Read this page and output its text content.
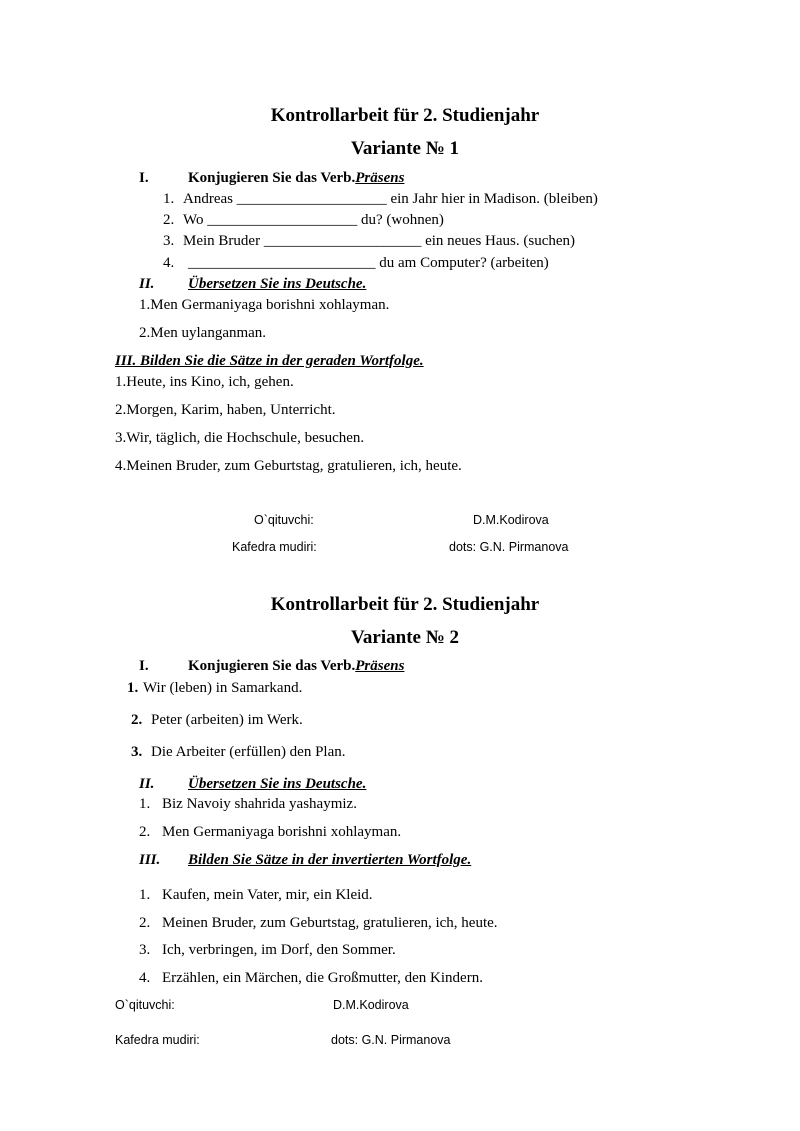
Kontrollarbeit für 2. Studienjahr
Variante № 1
I.	Konjugieren Sie das Verb.Präsens
1. Andreas ____________________ ein Jahr hier in Madison. (bleiben)
2. Wo ____________________ du? (wohnen)
3. Mein Bruder _____________________ ein neues Haus. (suchen)
4. _________________________ du am Computer? (arbeiten)
II. Übersetzen Sie ins Deutsche.
1.Men Germaniyaga borishni xohlayman.
2.Men uylanganman.
III. Bilden Sie die Sätze in der geraden Wortfolge.
1.Heute, ins Kino, ich, gehen.
2.Morgen, Karim, haben, Unterricht.
3.Wir, täglich, die Hochschule, besuchen.
4.Meinen Bruder, zum Geburtstag, gratulieren, ich, heute.
O`qituvchi:	D.M.Kodirova
Kafedra mudiri:	dots: G.N. Pirmanova
Kontrollarbeit für 2. Studienjahr
Variante № 2
I.	Konjugieren Sie das Verb.Präsens
1. Wir (leben) in Samarkand.
2. Peter (arbeiten) im Werk.
3. Die Arbeiter (erfüllen) den Plan.
II. Übersetzen Sie ins Deutsche.
1. Biz Navoiy shahrida yashaymiz.
2. Men Germaniyaga borishni xohlayman.
III. Bilden Sie Sätze in der invertierten Wortfolge.
1. Kaufen, mein Vater, mir, ein Kleid.
2. Meinen Bruder, zum Geburtstag, gratulieren, ich, heute.
3. Ich, verbringen, im Dorf, den Sommer.
4. Erzählen, ein Märchen, die Großmutter, den Kindern.
O`qituvchi:	D.M.Kodirova
Kafedra mudiri:	dots: G.N. Pirmanova
